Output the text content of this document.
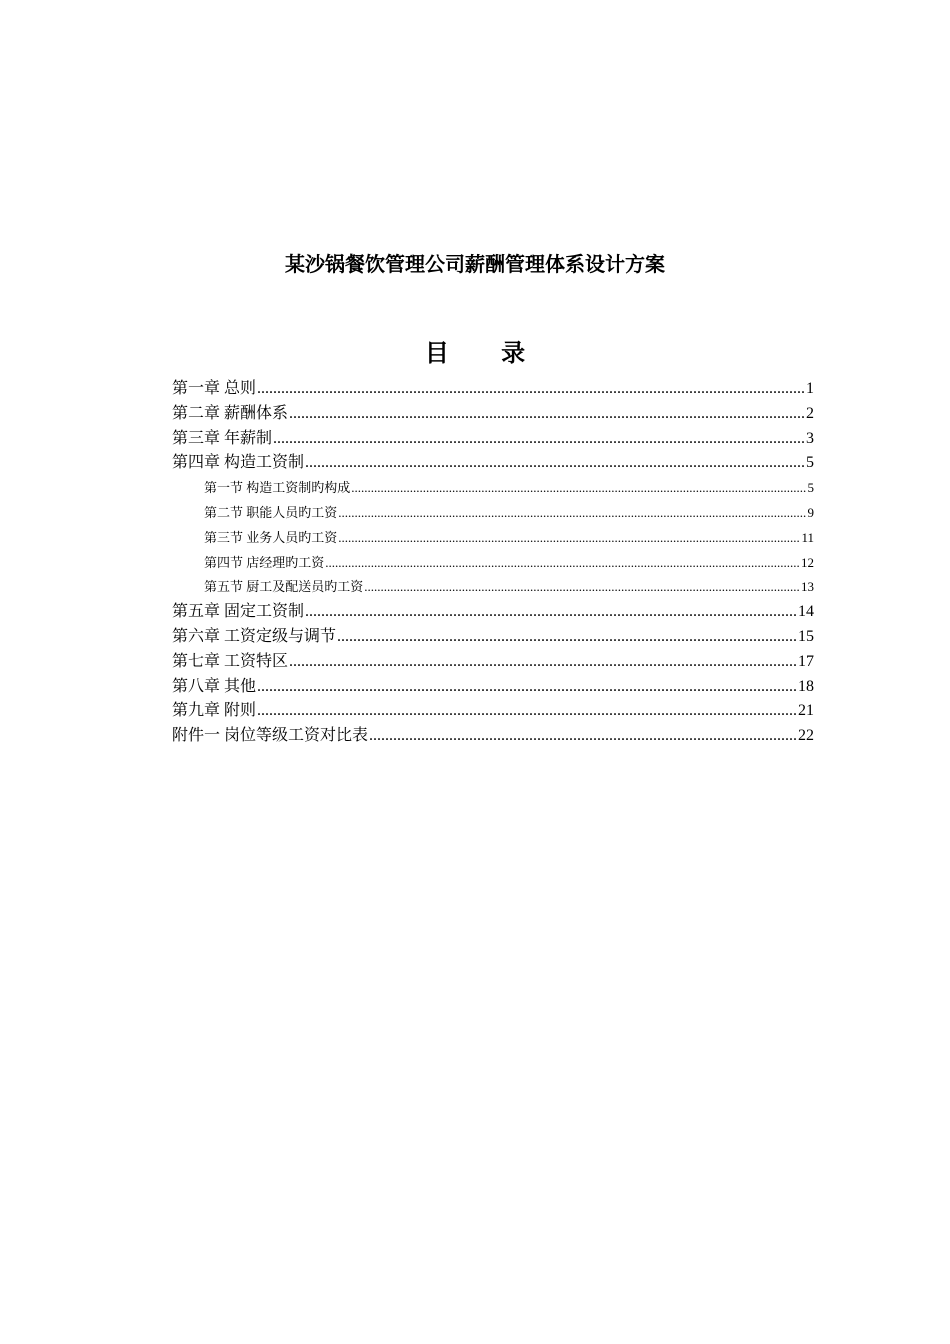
某沙锅餐饮管理公司薪酬管理体系设计方案
目 录
第一章 总则 .....	1
第二章 薪酬体系 .....	2
第三章 年薪制 .....	3
第四章 构造工资制 .....	5
第一节 构造工资制旳构成 .....	5
第二节 职能人员旳工资 .....	9
第三节 业务人员旳工资 .....	11
第四节 店经理旳工资 .....	12
第五节 厨工及配送员旳工资 .....	13
第五章 固定工资制 .....	14
第六章 工资定级与调节 .....	15
第七章 工资特区 .....	17
第八章 其他 .....	18
第九章 附则 .....	21
附件一 岗位等级工资对比表 .....	22
